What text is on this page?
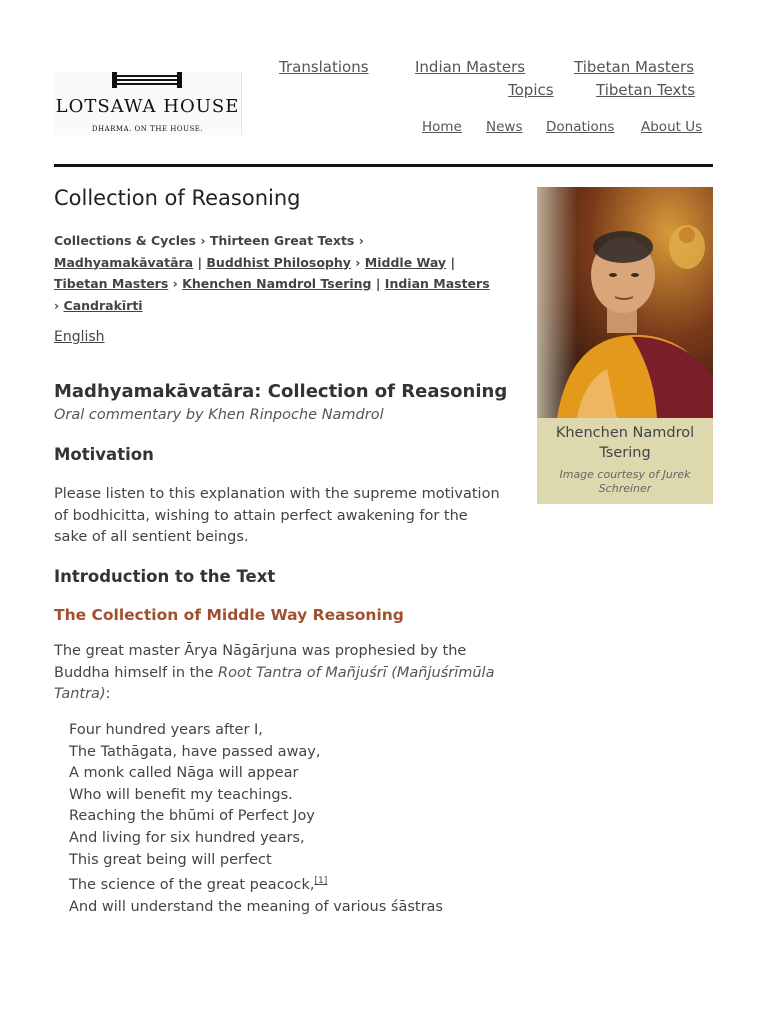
LOTSAWA HOUSE
DHARMA. ON THE HOUSE.
Translations	Indian Masters	Tibetan Masters
Topics	Tibetan Texts
Home News Donations About Us
Collection of Reasoning
Collections & Cycles › Thirteen Great Texts ›
Madhyamakāvatāra | Buddhist Philosophy › Middle Way |
Tibetan Masters › Khenchen Namdrol Tsering | Indian Masters
› Candrakīrti
English
Madhyamakāvatāra: Collection of Reasoning
Oral commentary by Khen Rinpoche Namdrol
Motivation

Please listen to this explanation with the supreme motivation of bodhicitta, wishing to attain perfect awakening for the sake of all sentient beings.

Introduction to the Text
The Collection of Middle Way Reasoning

The great master Ārya Nāgārjuna was prophesied by the Buddha himself in the Root Tantra of Mañjuśrī (Mañjuśrīmūla Tantra):

Four hundred years after I,
The Tathāgata, have passed away,
A monk called Nāga will appear
Who will benefit my teachings.
Reaching the bhūmi of Perfect Joy
And living for six hundred years,
This great being will perfect
The science of the great peacock,[1]
And will understand the meaning of various śāstras
Khenchen Namdrol Tsering
Image courtesy of Jurek Schreiner
